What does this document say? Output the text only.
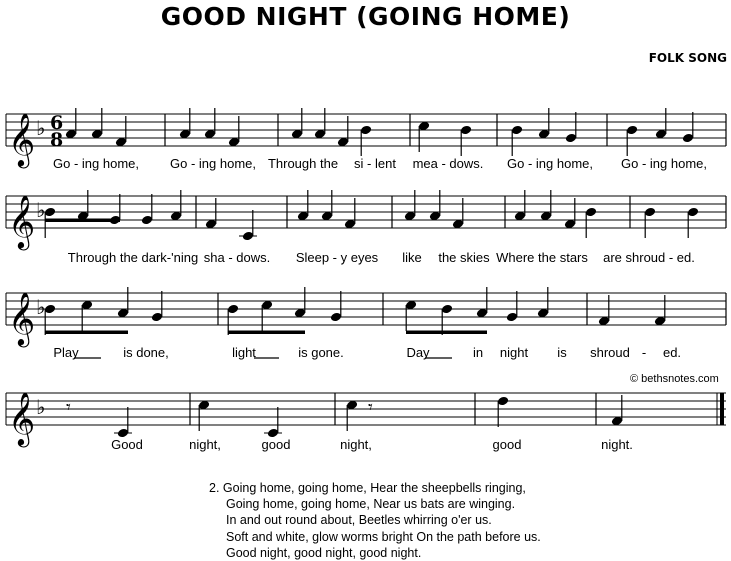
GOOD NIGHT (GOING HOME)
FOLK SONG
𝄞 ♭ 6
8
𝄞 ♭
𝄞 ♭
𝄞 ♭ 𝄾	𝄾
Go - ing home, Go - ing home, Through the si - lent mea - dows. Go - ing home, Go - ing home,
Through the dark-'ning sha - dows. Sleep - y eyes like the skies Where the stars are shroud - ed.
Play	is done,	light	is gone.	Day	in night is shroud - ed.
Good	night,	good	night,	good	night.
© bethsnotes.com
2. Going home, going home, Hear the sheepbells ringing,
Going home, going home, Near us bats are winging.
In and out round about, Beetles whirring o'er us.
Soft and white, glow worms bright On the path before us.
Good night, good night, good night.
